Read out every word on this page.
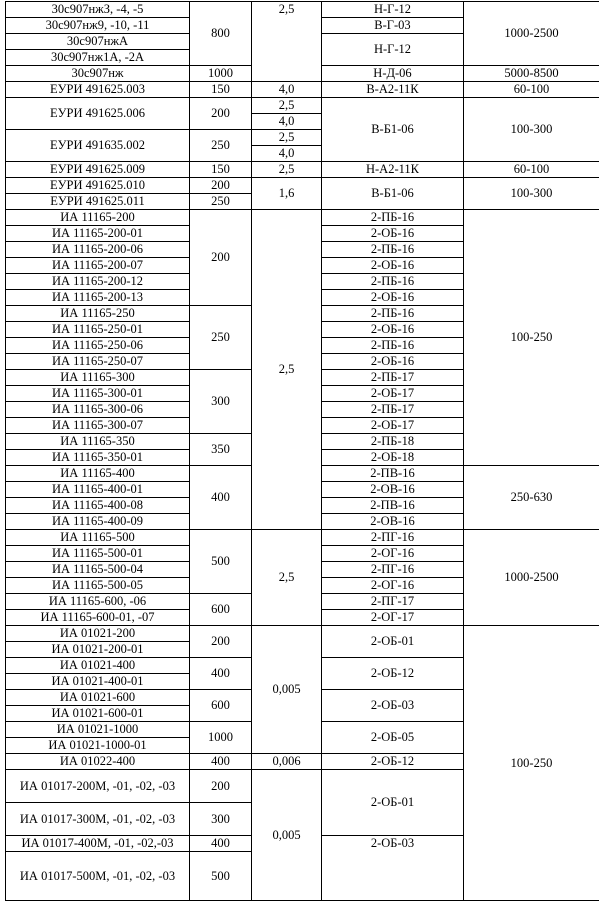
30с907нжЗ, -4, -5	800	2,5	Н-Г-12	1000-2500
30с907нж9, -10, -11			В-Г-03	
30с907нжА			Н-Г-12	
30с907нж1А, -2А				
30с907нж	1000		Н-Д-06	5000-8500
ЕУРИ 491625.003	150	4,0	В-А2-11К	60-100
ЕУРИ 491625.006	200	2,5	В-Б1-06	100-300
		4,0		
ЕУРИ 491635.002	250	2,5		
		4,0		
ЕУРИ 491625.009	150	2,5	Н-А2-11К	60-100
ЕУРИ 491625.010	200	1,6	В-Б1-06	100-300
ЕУРИ 491625.011	250			
ИА 11165-200	200	2,5	2-ПБ-16	100-250
ИА 11165-200-01			2-ОБ-16	
ИА 11165-200-06			2-ПБ-16	
ИА 11165-200-07			2-ОБ-16	
ИА 11165-200-12			2-ПБ-16	
ИА 11165-200-13			2-ОБ-16	
ИА 11165-250	250		2-ПБ-16	
ИА 11165-250-01			2-ОБ-16	
ИА 11165-250-06			2-ПБ-16	
ИА 11165-250-07			2-ОБ-16	
ИА 11165-300	300		2-ПБ-17	
ИА 11165-300-01			2-ОБ-17	
ИА 11165-300-06			2-ПБ-17	
ИА 11165-300-07			2-ОБ-17	
ИА 11165-350	350		2-ПБ-18	
ИА 11165-350-01			2-ОБ-18	
ИА 11165-400	400		2-ПВ-16	250-630
ИА 11165-400-01			2-ОВ-16	
ИА 11165-400-08			2-ПВ-16	
ИА 11165-400-09			2-ОВ-16	
ИА 11165-500	500	2,5	2-ПГ-16	1000-2500
ИА 11165-500-01			2-ОГ-16	
ИА 11165-500-04			2-ПГ-16	
ИА 11165-500-05			2-ОГ-16	
ИА 11165-600, -06	600		2-ПГ-17	
ИА 11165-600-01, -07			2-ОГ-17	
ИА 01021-200	200	0,005	2-ОБ-01	100-250
ИА 01021-200-01				
ИА 01021-400	400		2-ОБ-12	
ИА 01021-400-01				
ИА 01021-600	600		2-ОБ-03	
ИА 01021-600-01				
ИА 01021-1000	1000		2-ОБ-05	
ИА 01021-1000-01				
ИА 01022-400	400	0,006	2-ОБ-12	
ИА 01017-200М, -01, -02, -03	200	0,005	2-ОБ-01	
ИА 01017-300М, -01, -02, -03	300			
ИА 01017-400М, -01, -02,-03	400		2-ОБ-03	
ИА 01017-500М, -01, -02, -03	500			
